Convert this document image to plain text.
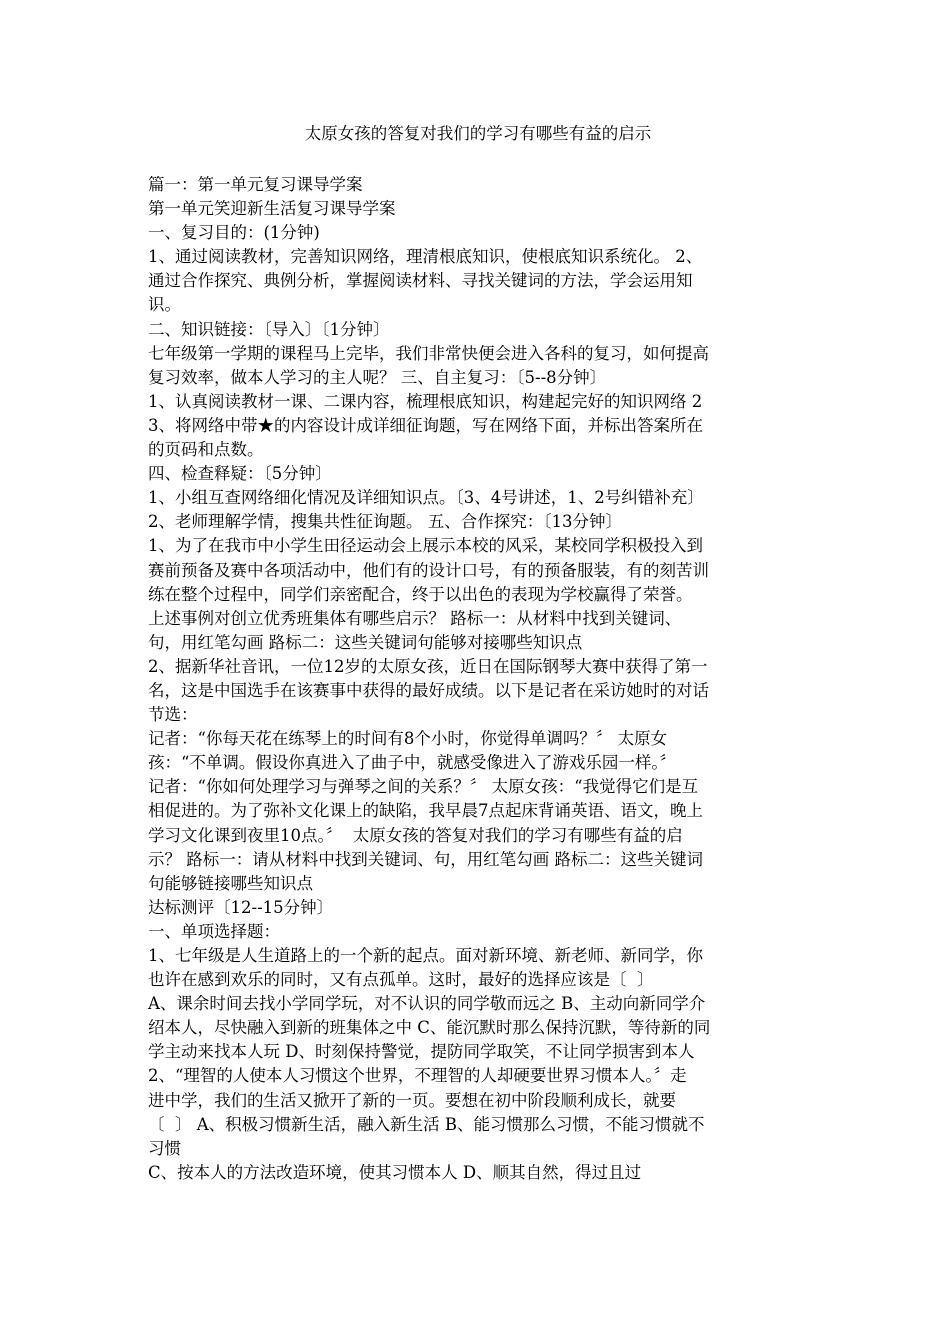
太原女孩的答复对我们的学习有哪些有益的启示

篇一：第一单元复习课导学案

第一单元笑迎新生活复习课导学案

一、复习目的：(1分钟)

1、通过阅读教材，完善知识网络，理清根底知识，使根底知识系统化。 2、

通过合作探究、典例分析，掌握阅读材料、寻找关键词的方法，学会运用知

识。

二、知识链接：〔导入〕〔1分钟〕

七年级第一学期的课程马上完毕，我们非常快便会进入各科的复习，如何提高

复习效率，做本人学习的主人呢？ 三、自主复习：〔5--8分钟〕

1、认真阅读教材一课、二课内容，梳理根底知识，构建起完好的知识网络 2

3、将网络中带★的内容设计成详细征询题，写在网络下面，并标出答案所在

的页码和点数。

四、检查释疑：〔5分钟〕

1、小组互查网络细化情况及详细知识点。〔3、4号讲述，1、2号纠错补充〕

2、老师理解学情，搜集共性征询题。 五、合作探究：〔13分钟〕

1、为了在我市中小学生田径运动会上展示本校的风采，某校同学积极投入到

赛前预备及赛中各项活动中，他们有的设计口号，有的预备服装，有的刻苦训

练在整个过程中，同学们亲密配合，终于以出色的表现为学校赢得了荣誉。

上述事例对创立优秀班集体有哪些启示？ 路标一：从材料中找到关键词、

句，用红笔勾画 路标二：这些关键词句能够对接哪些知识点

2、据新华社音讯，一位12岁的太原女孩，近日在国际钢琴大赛中获得了第一

名，这是中国选手在该赛事中获得的最好成绩。以下是记者在采访她时的对话

节选：

记者：“你每天花在练琴上的时间有8个小时，你觉得单调吗？〞 太原女

孩：“不单调。假设你真进入了曲子中，就感受像进入了游戏乐园一样。〞

记者：“你如何处理学习与弹琴之间的关系？〞 太原女孩：“我觉得它们是互

相促进的。为了弥补文化课上的缺陷，我早晨7点起床背诵英语、语文，晚上

学习文化课到夜里10点。〞  太原女孩的答复对我们的学习有哪些有益的启

示？ 路标一：请从材料中找到关键词、句，用红笔勾画 路标二：这些关键词

句能够链接哪些知识点

达标测评〔12--15分钟〕

一、单项选择题：

1、七年级是人生道路上的一个新的起点。面对新环境、新老师、新同学，你

也许在感到欢乐的同时，又有点孤单。这时，最好的选择应该是〔  〕

A、课余时间去找小学同学玩，对不认识的同学敬而远之 B、主动向新同学介

绍本人，尽快融入到新的班集体之中 C、能沉默时那么保持沉默，等待新的同

学主动来找本人玩 D、时刻保持警觉，提防同学取笑，不让同学损害到本人

2、“理智的人使本人习惯这个世界，不理智的人却硬要世界习惯本人。〞走

进中学，我们的生活又掀开了新的一页。要想在初中阶段顺利成长，就要

〔  〕 A、积极习惯新生活，融入新生活 B、能习惯那么习惯，不能习惯就不

习惯

C、按本人的方法改造环境，使其习惯本人 D、顺其自然，得过且过
